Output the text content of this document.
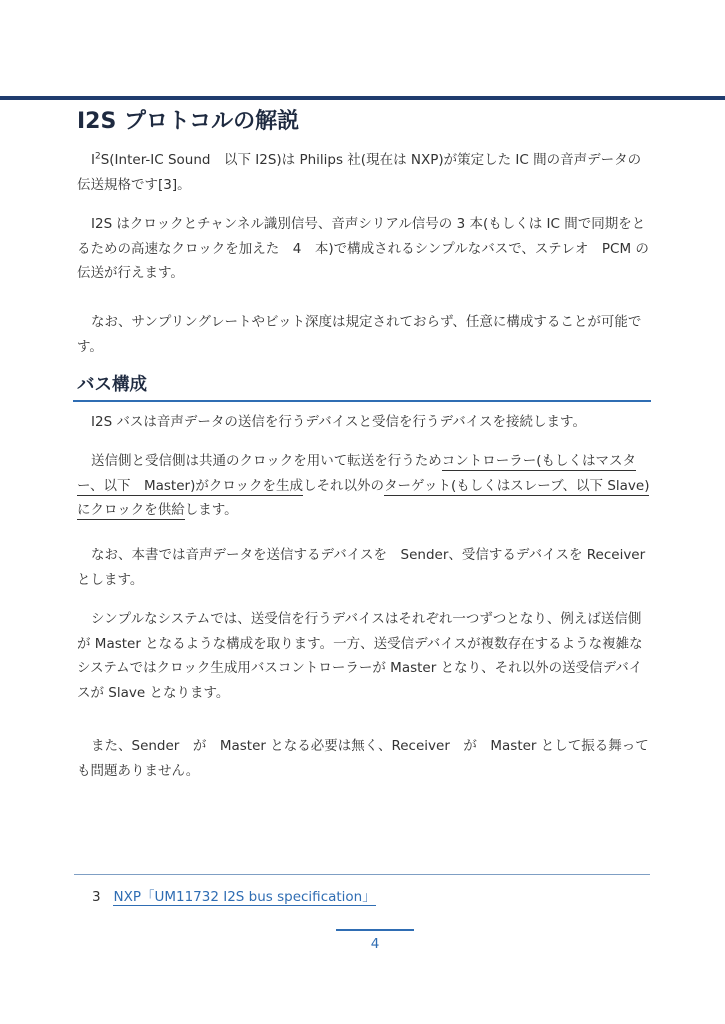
I2S プロトコルの解説

$I^2S(Inter-IC$ Sound　以下 I2S)は Philips 社(現在は NXP)が策定した IC 間の音声データの伝送規格です[3]。

I2S はクロックとチャンネル識別信号、音声シリアル信号の 3 本(もしくは IC 間で同期をとるための高速なクロックを加えた　4　本)で構成されるシンプルなバスで、ステレオ　PCM の伝送が行えます。

なお、サンプリングレートやビット深度は規定されておらず、任意に構成することが可能です。

バス構成

I2S バスは音声データの送信を行うデバイスと受信を行うデバイスを接続します。

送信側と受信側は共通のクロックを用いて転送を行うためコントローラー(もしくはマスター、以下　Master)がクロックを生成しそれ以外のターゲット(もしくはスレーブ、以下 Slave)にクロックを供給します。

なお、本書では音声データを送信するデバイスを　Sender、受信するデバイスを Receiver とします。

シンプルなシステムでは、送受信を行うデバイスはそれぞれ一つずつとなり、例えば送信側が Master となるような構成を取ります。一方、送受信デバイスが複数存在するような複雑なシステムではクロック生成用バスコントローラーが Master となり、それ以外の送受信デバイスが Slave となります。

また、Sender　が　Master となる必要は無く、Receiver　が　Master として振る舞っても問題ありません。

3 NXP「UM11732 I2S bus specification」
4
